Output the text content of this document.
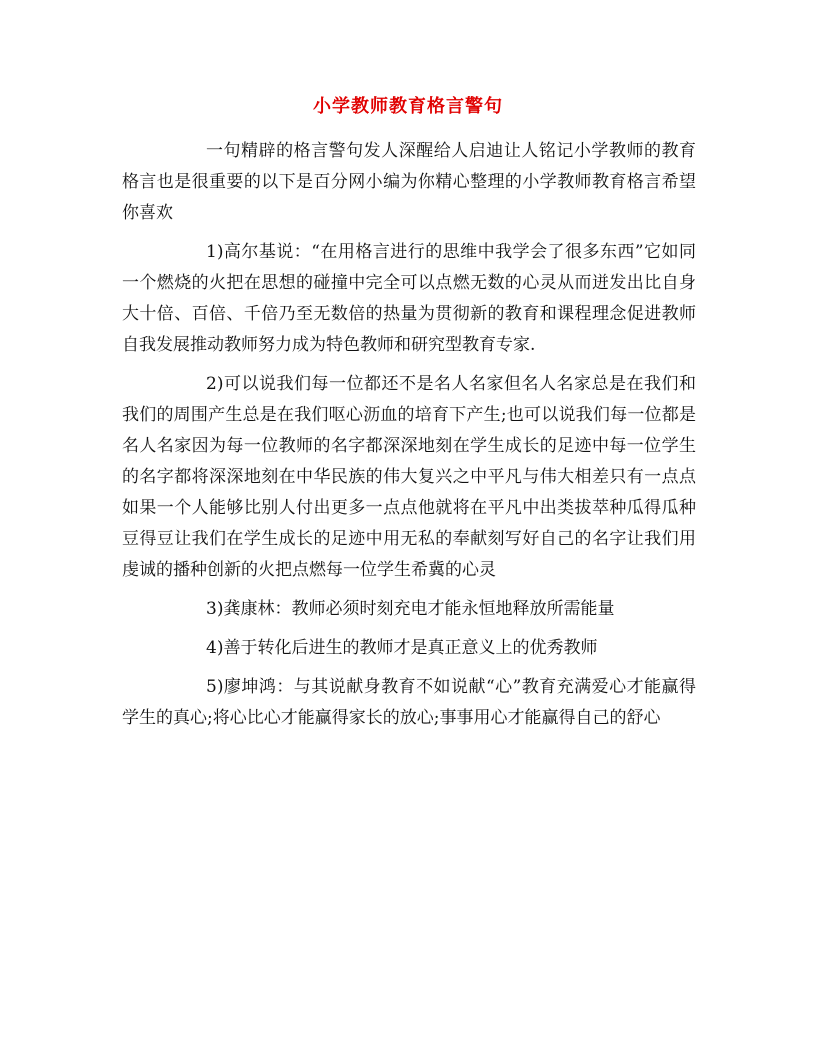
小学教师教育格言警句

一句精辟的格言警句发人深醒给人启迪让人铭记小学教师的教育格言也是很重要的以下是百分网小编为你精心整理的小学教师教育格言希望你喜欢

1)高尔基说：“在用格言进行的思维中我学会了很多东西”它如同一个燃烧的火把在思想的碰撞中完全可以点燃无数的心灵从而迸发出比自身大十倍、百倍、千倍乃至无数倍的热量为贯彻新的教育和课程理念促进教师自我发展推动教师努力成为特色教师和研究型教育专家.

2)可以说我们每一位都还不是名人名家但名人名家总是在我们和我们的周围产生总是在我们呕心沥血的培育下产生;也可以说我们每一位都是名人名家因为每一位教师的名字都深深地刻在学生成长的足迹中每一位学生的名字都将深深地刻在中华民族的伟大复兴之中平凡与伟大相差只有一点点如果一个人能够比别人付出更多一点点他就将在平凡中出类拔萃种瓜得瓜种豆得豆让我们在学生成长的足迹中用无私的奉献刻写好自己的名字让我们用虔诚的播种创新的火把点燃每一位学生希冀的心灵

3)龚康林：教师必须时刻充电才能永恒地释放所需能量

4)善于转化后进生的教师才是真正意义上的优秀教师

5)廖坤鸿：与其说献身教育不如说献“心”教育充满爱心才能赢得学生的真心;将心比心才能赢得家长的放心;事事用心才能赢得自己的舒心
